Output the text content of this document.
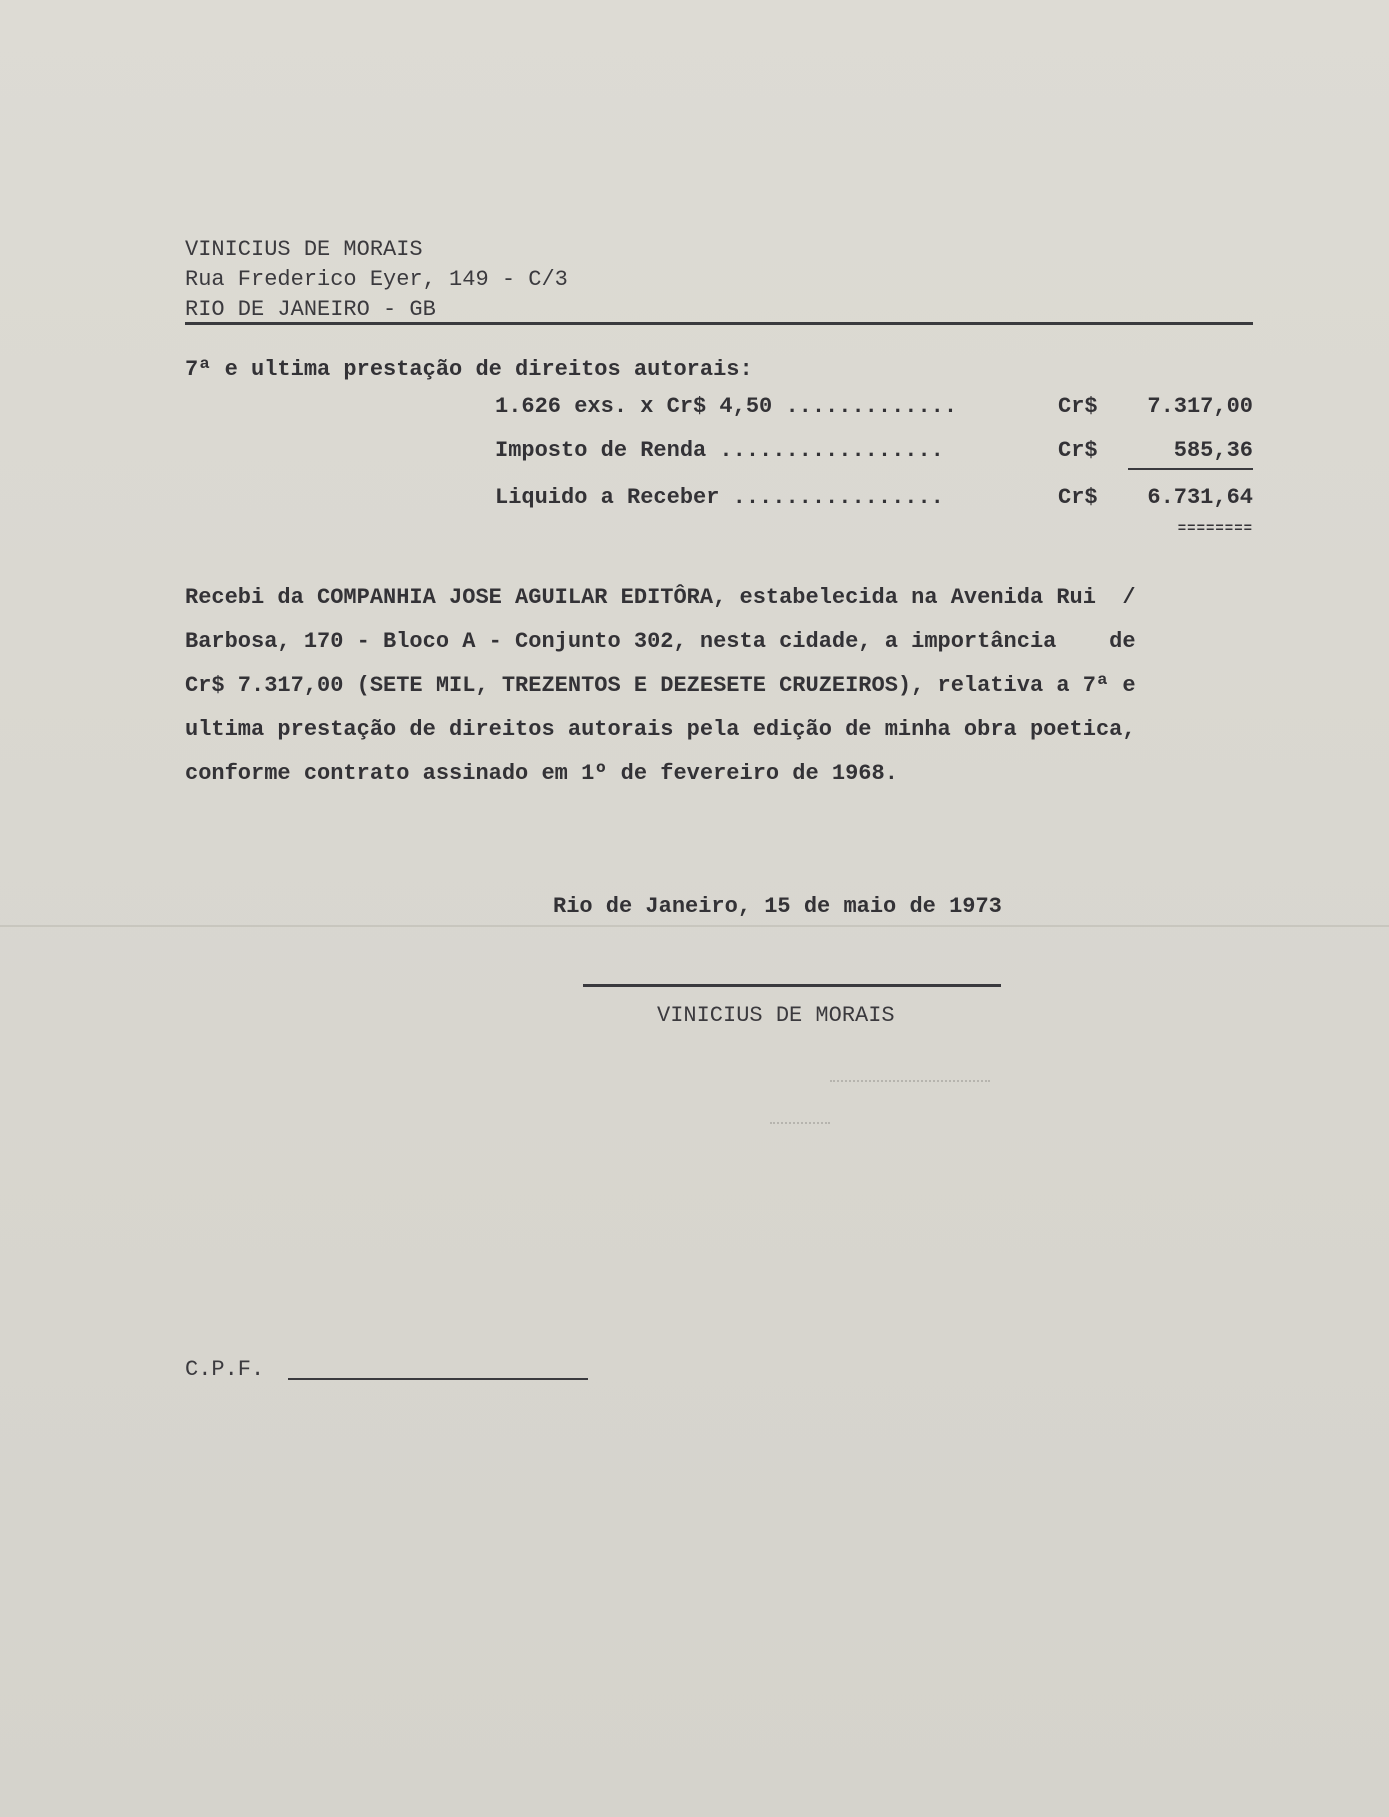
VINICIUS DE MORAIS
Rua Frederico Eyer, 149 - C/3
RIO DE JANEIRO - GB
7ª e ultima prestação de direitos autorais:
1.626 exs. x Cr$ 4,50 .............	Cr$	7.317,00
Imposto de Renda .................	Cr$	585,36
Liquido a Receber ................	Cr$	6.731,64
========
Recebi da COMPANHIA JOSE AGUILAR EDITÔRA, estabelecida na Avenida Rui  /
Barbosa, 170 - Bloco A - Conjunto 302, nesta cidade, a importância    de
Cr$ 7.317,00 (SETE MIL, TREZENTOS E DEZESETE CRUZEIROS), relativa a 7ª e
ultima prestação de direitos autorais pela edição de minha obra poetica,
conforme contrato assinado em 1º de fevereiro de 1968.
Rio de Janeiro, 15 de maio de 1973
VINICIUS DE MORAIS
C.P.F.
